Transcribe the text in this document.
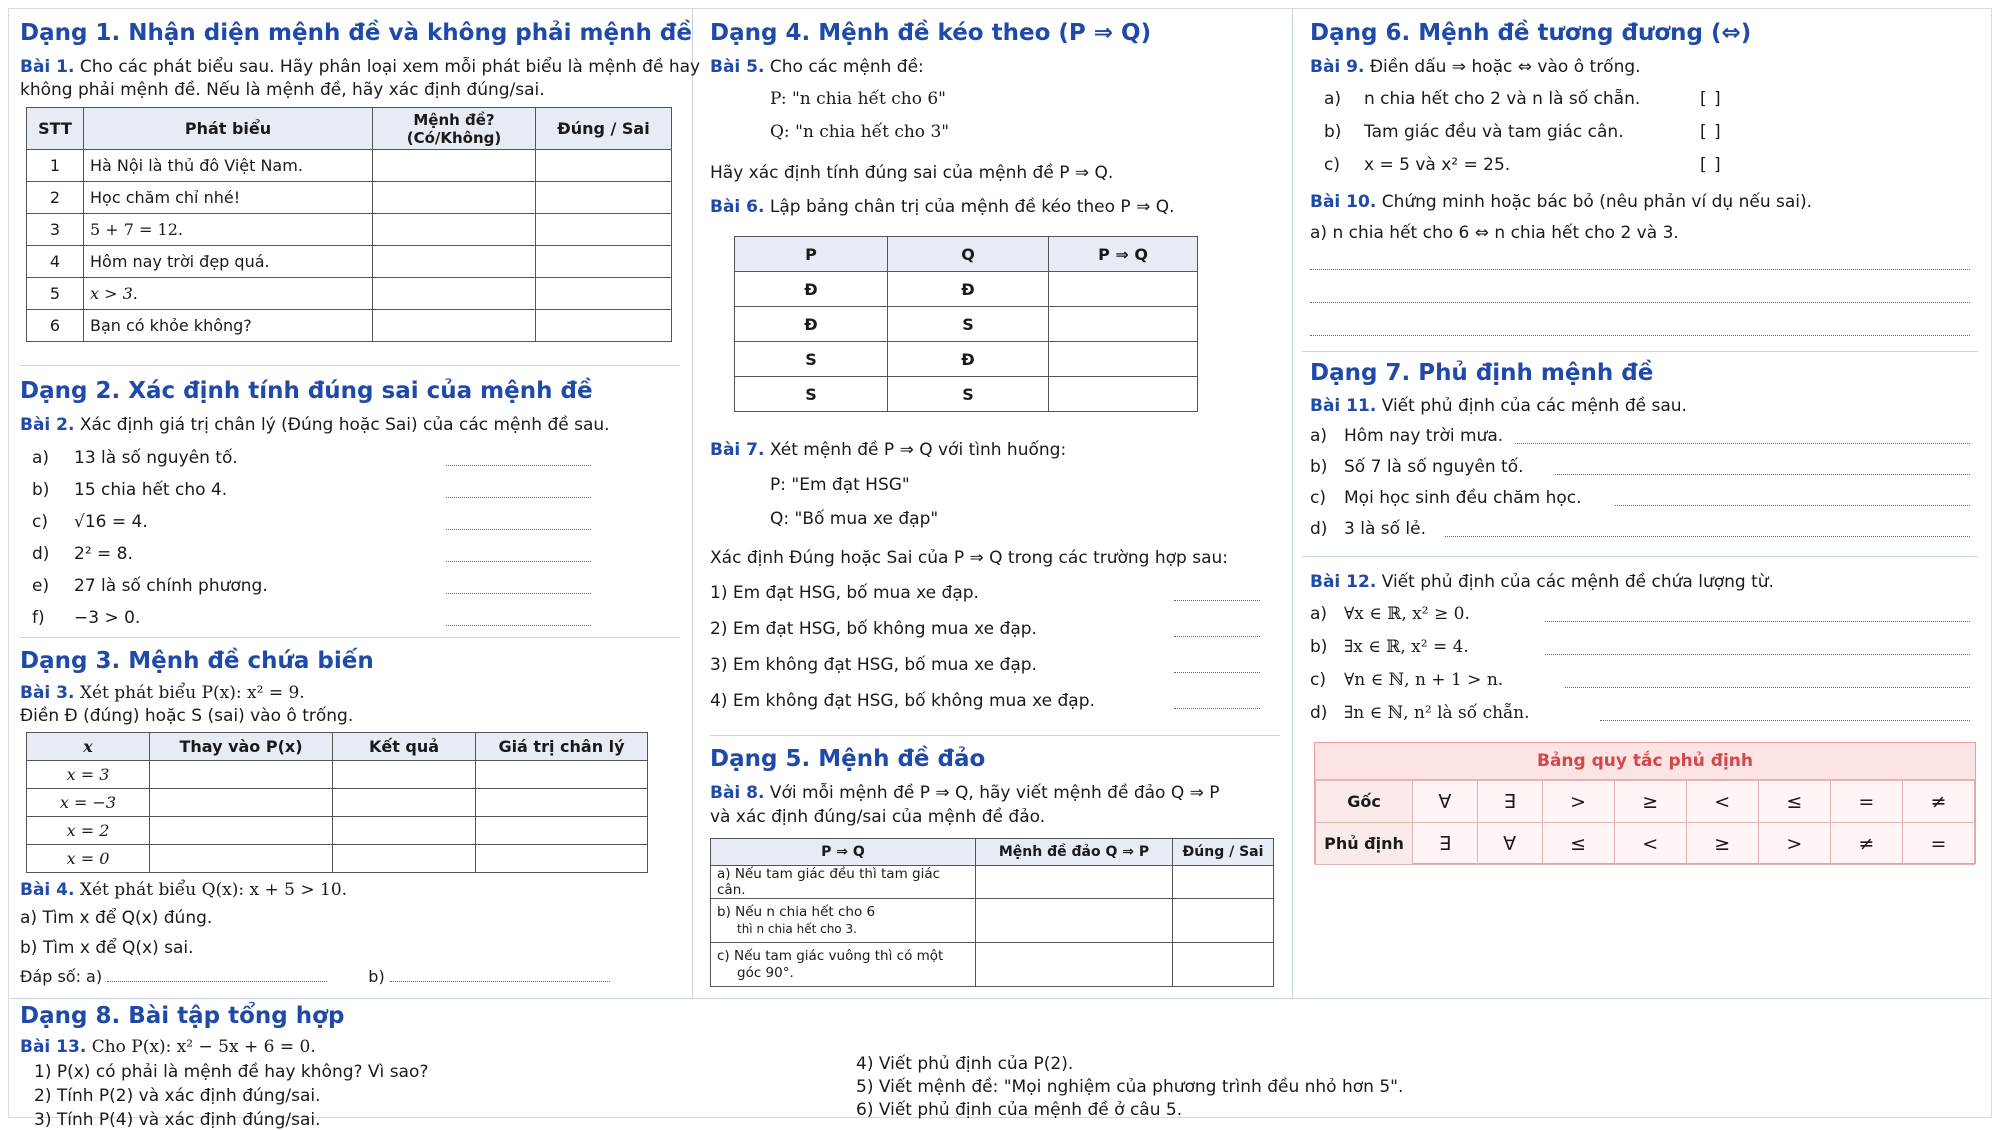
Dạng 1. Nhận diện mệnh đề và không phải mệnh đề
Bài 1. Cho các phát biểu sau. Hãy phân loại xem mỗi phát biểu là mệnh đề hay
không phải mệnh đề. Nếu là mệnh đề, hãy xác định đúng/sai.
STT	Phát biểu	Mệnh đề? (Có/Không)	Đúng / Sai
1	Hà Nội là thủ đô Việt Nam.		
2	Học chăm chỉ nhé!		
3	5 + 7 = 12.		
4	Hôm nay trời đẹp quá.		
5	x > 3.		
6	Bạn có khỏe không?		
Dạng 2. Xác định tính đúng sai của mệnh đề
Bài 2. Xác định giá trị chân lý (Đúng hoặc Sai) của các mệnh đề sau.
Dạng 3. Mệnh đề chứa biến
Bài 3. Xét phát biểu P(x): x² = 9.
Điền Đ (đúng) hoặc S (sai) vào ô trống.
x	Thay vào P(x)	Kết quả	Giá trị chân lý
x = 3			
x = −3			
x = 2			
x = 0			
Bài 4. Xét phát biểu Q(x): x + 5 > 10.
a) Tìm x để Q(x) đúng.
b) Tìm x để Q(x) sai.
Đáp số: a)	b)
a) 13 là số nguyên tố.
b) 15 chia hết cho 4.
c) √16 = 4.
d) 2² = 8.
e) 27 là số chính phương.
f) −3 > 0.
Dạng 4. Mệnh đề kéo theo (P ⇒ Q)
Bài 5. Cho các mệnh đề:
P: "n chia hết cho 6"
Q: "n chia hết cho 3"
Hãy xác định tính đúng sai của mệnh đề P ⇒ Q.
Bài 6. Lập bảng chân trị của mệnh đề kéo theo P ⇒ Q.
P	Q	P ⇒ Q
Đ	Đ	
Đ	S	
S	Đ	
S	S	
Bài 7. Xét mệnh đề P ⇒ Q với tình huống:
P: "Em đạt HSG"
Q: "Bố mua xe đạp"
Xác định Đúng hoặc Sai của P ⇒ Q trong các trường hợp sau:
Dạng 5. Mệnh đề đảo
Bài 8. Với mỗi mệnh đề P ⇒ Q, hãy viết mệnh đề đảo Q ⇒ P
và xác định đúng/sai của mệnh đề đảo.
P ⇒ Q	Mệnh đề đảo Q ⇒ P	Đúng / Sai

a) Nếu tam giác đều thì tam giác cân.		

b) Nếu n chia hết cho 6
thì n chia hết cho 3.		

c) Nếu tam giác vuông thì có một
góc 90°.		

1) Em đạt HSG, bố mua xe đạp.
2) Em đạt HSG, bố không mua xe đạp.
3) Em không đạt HSG, bố mua xe đạp.
4) Em không đạt HSG, bố không mua xe đạp.
Dạng 6. Mệnh đề tương đương (⇔)
Bài 9. Điền dấu ⇒ hoặc ⇔ vào ô trống.
Bài 10. Chứng minh hoặc bác bỏ (nêu phản ví dụ nếu sai).
a) n chia hết cho 6 ⇔ n chia hết cho 2 và 3.
Dạng 7. Phủ định mệnh đề
Bài 11. Viết phủ định của các mệnh đề sau.
Bài 12. Viết phủ định của các mệnh đề chứa lượng từ.
Bảng quy tắc phủ định
Gốc	∀	∃	>	≥	<	≤	=	≠
Phủ định	∃	∀	≤	<	≥	>	≠	=
a) n chia hết cho 2 và n là số chẵn.	[ ]
b) Tam giác đều và tam giác cân.	[ ]
c) x = 5 và x² = 25.	[ ]
a) Hôm nay trời mưa.
b) Số 7 là số nguyên tố.
c) Mọi học sinh đều chăm học.
d) 3 là số lẻ.
a) ∀x ∈ ℝ, x² ≥ 0.
b) ∃x ∈ ℝ, x² = 4.
c) ∀n ∈ ℕ, n + 1 > n.
d) ∃n ∈ ℕ, n² là số chẵn.
Dạng 8. Bài tập tổng hợp
Bài 13. Cho P(x): x² − 5x + 6 = 0.
1) P(x) có phải là mệnh đề hay không? Vì sao?
2) Tính P(2) và xác định đúng/sai.
3) Tính P(4) và xác định đúng/sai.
4) Viết phủ định của P(2).
5) Viết mệnh đề: "Mọi nghiệm của phương trình đều nhỏ hơn 5".
6) Viết phủ định của mệnh đề ở câu 5.
